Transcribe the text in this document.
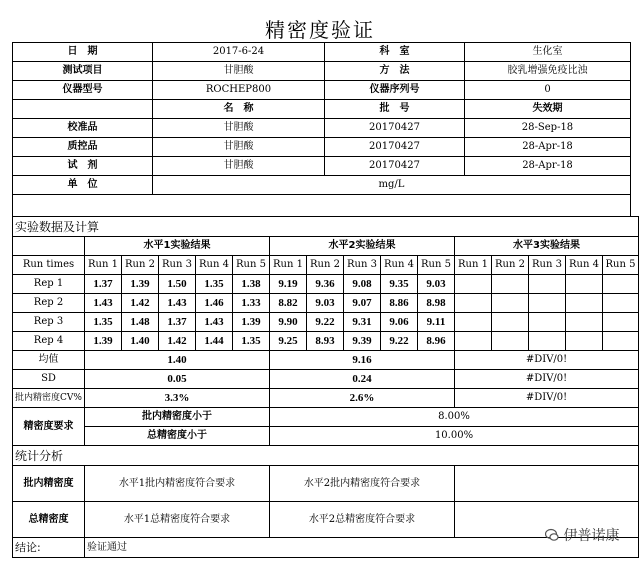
精密度验证
日　期	2017-6-24	科　室	生化室
测试项目	甘胆酸	方　法	胶乳增强免疫比浊
仪器型号	ROCHEP800	仪器序列号	0
	名　称	批　号	失效期
校准品	甘胆酸	20170427	28-Sep-18
质控品	甘胆酸	20170427	28-Apr-18
试　剂	甘胆酸	20170427	28-Apr-18
单　位	mg/L		

实验数据及计算															
	水平1实验结果					水平2实验结果					水平3实验结果				
Run times	Run 1	Run 2	Run 3	Run 4	Run 5	Run 1	Run 2	Run 3	Run 4	Run 5	Run 1	Run 2	Run 3	Run 4	Run 5
Rep 1	1.37	1.39	1.50	1.35	1.38	9.19	9.36	9.08	9.35	9.03					
Rep 2	1.43	1.42	1.43	1.46	1.33	8.82	9.03	9.07	8.86	8.98					
Rep 3	1.35	1.48	1.37	1.43	1.39	9.90	9.22	9.31	9.06	9.11					
Rep 4	1.39	1.40	1.42	1.44	1.35	9.25	8.93	9.39	9.22	8.96					
均值	1.40					9.16					#DIV/0!				
SD	0.05					0.24					#DIV/0!				
批内精密度CV%	3.3%					2.6%					#DIV/0!				
精密度要求	批内精密度小于					8.00%									
	总精密度小于					10.00%									
统计分析															
批内精密度	水平1批内精密度符合要求					水平2批内精密度符合要求									
总精密度	水平1总精密度符合要求					水平2总精密度符合要求									
结论:	验证通过														
伊普诺康
